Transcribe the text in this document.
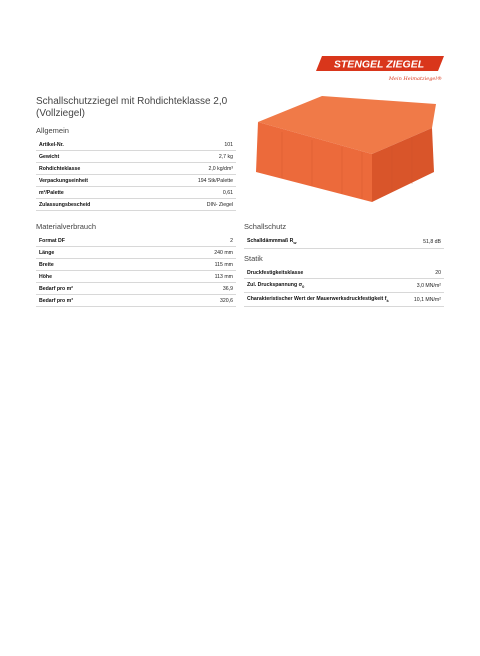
STENGEL ZIEGEL
Mein Heimatziegel®
Schallschutzziegel mit Rohdichteklasse 2,0 (Vollziegel)
Allgemein
Artikel-Nr.	101
Gewicht	2,7 kg
Rohdichteklasse	2,0 kg/dm³
Verpackungseinheit	194 Stk/Palette
m²/Palette	0,61
Zulassungsbescheid	DIN- Ziegel
Materialverbrauch
Format DF	2
Länge	240 mm
Breite	115 mm
Höhe	113 mm
Bedarf pro m²	36,9
Bedarf pro m³	320,6
Schallschutz
Schalldämmmaß $R_w$	51,8 dB
Statik
Druckfestigkeitsklasse	20
Zul. Druckspannung $\sigma_0$	3,0 MN/m²
Charakteristischer Wert der Mauerwerksdruckfestigkeit $f_k$	10,1 MN/m²
